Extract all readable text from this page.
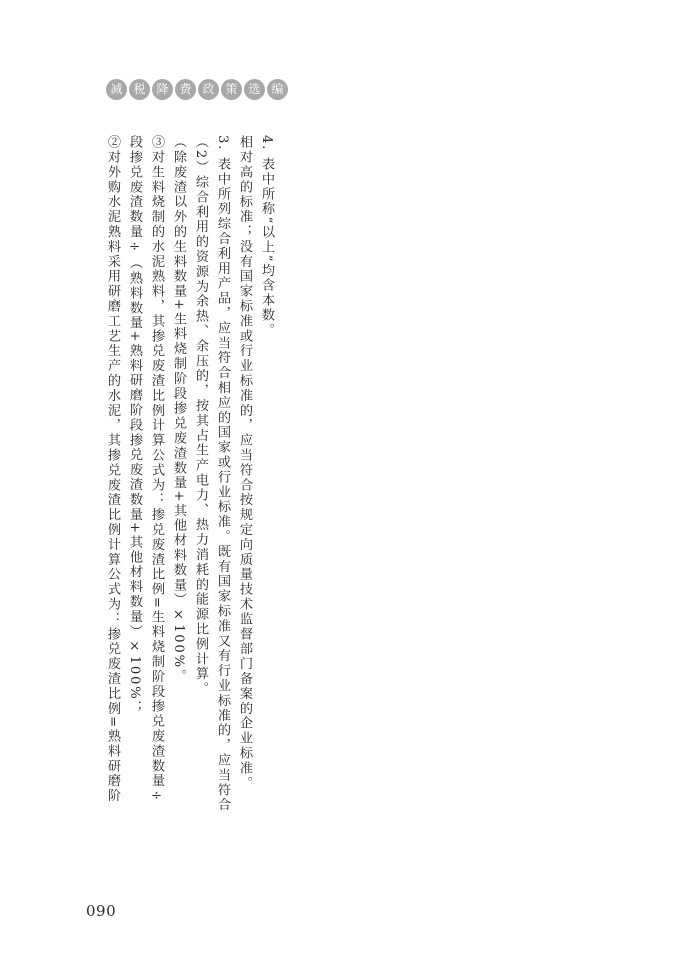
减 税 降 费 政 策 选 编
②对外购水泥熟料采用研磨工艺生产的水泥，其掺兑废渣比例计算公式为：掺兑废渣比例=熟料研磨阶 段掺兑废渣数量÷（熟料数量+熟料研磨阶段掺兑废渣数量+其他材料数量）×100%； ③对生料烧制的水泥熟料，其掺兑废渣比例计算公式为：掺兑废渣比例=生料烧制阶段掺兑废渣数量÷ （除废渣以外的生料数量+生料烧制阶段掺兑废渣数量+其他材料数量）×100%。 （2）综合利用的资源为余热、余压的，按其占生产电力、热力消耗的能源比例计算。 3. 表中所列综合利用产品，应当符合相应的国家或行业标准。既有国家标准又有行业标准的，应当符合 相对高的标准；没有国家标准或行业标准的，应当符合按规定向质量技术监督部门备案的企业标准。 4. 表中所称“以上”均含本数。
090
